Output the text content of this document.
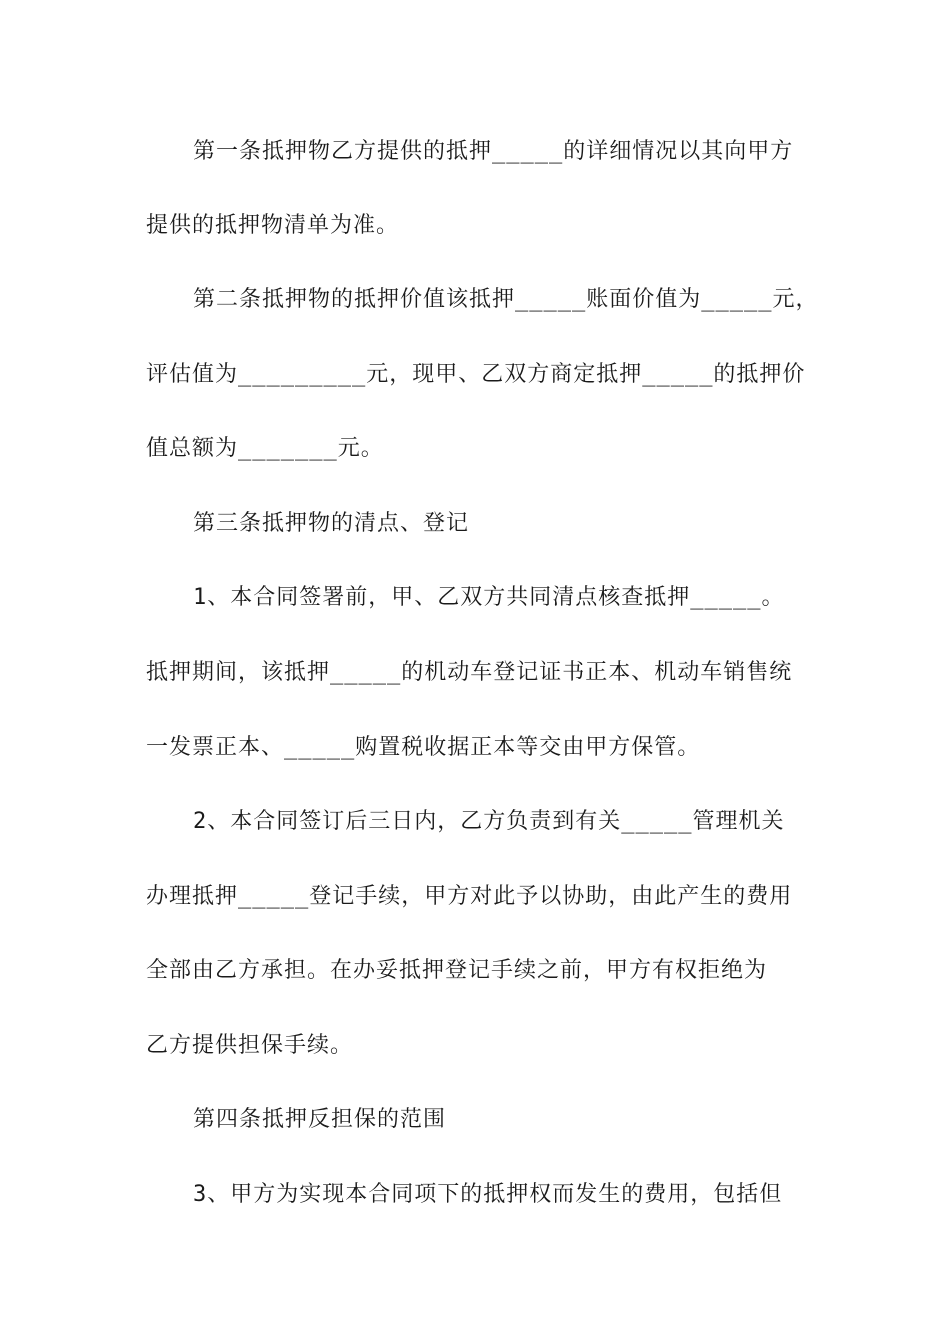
第一条抵押物乙方提供的抵押_____的详细情况以其向甲方
提供的抵押物清单为准。
第二条抵押物的抵押价值该抵押_____账面价值为_____元，
评估值为_________元，现甲、乙双方商定抵押_____的抵押价
值总额为_______元。
第三条抵押物的清点、登记
1、本合同签署前，甲、乙双方共同清点核查抵押_____。
抵押期间，该抵押_____的机动车登记证书正本、机动车销售统
一发票正本、_____购置税收据正本等交由甲方保管。
2、本合同签订后三日内，乙方负责到有关_____管理机关
办理抵押_____登记手续，甲方对此予以协助，由此产生的费用
全部由乙方承担。在办妥抵押登记手续之前，甲方有权拒绝为
乙方提供担保手续。
第四条抵押反担保的范围
3、甲方为实现本合同项下的抵押权而发生的费用，包括但
